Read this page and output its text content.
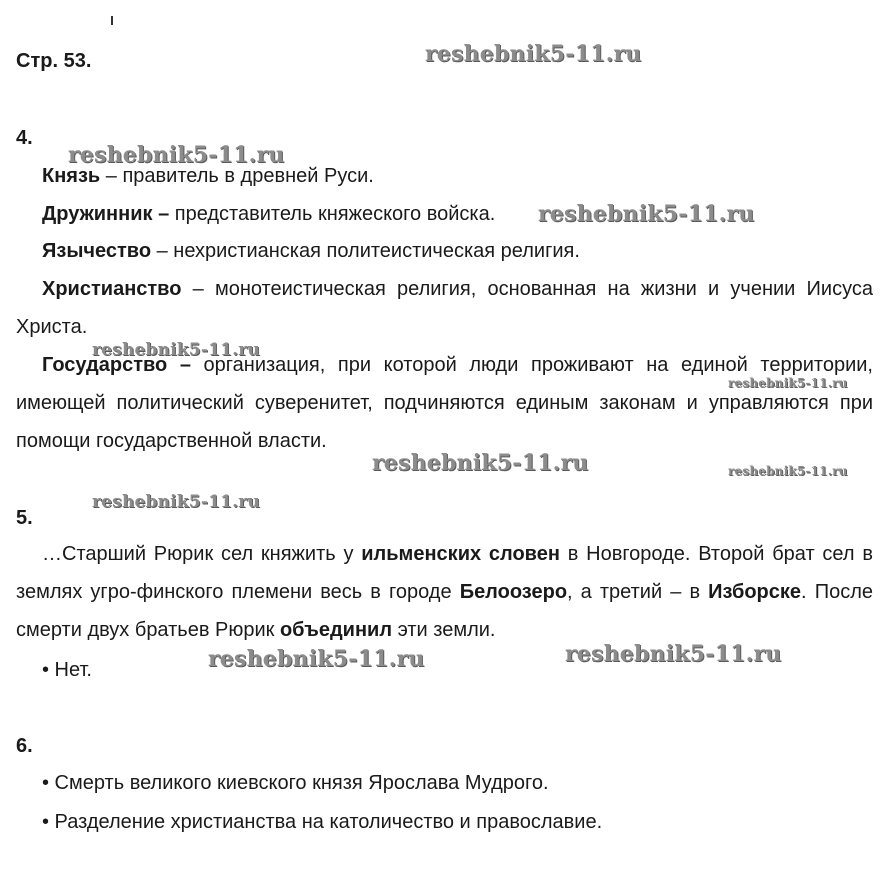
Стр. 53.	reshebnik5-11.ru
reshebnik5-11.ru
reshebnik5-11.ru
reshebnik5-11.ru
reshebnik5-11.ru
reshebnik5-11.ru	reshebnik5-11.ru
reshebnik5-11.ru
reshebnik5-11.ru	reshebnik5-11.ru
4.

Князь – правитель в древней Руси.

Дружинник – представитель княжеского войска.

Язычество – нехристианская политеистическая религия.

Христианство – монотеистическая религия, основанная на жизни и учении Иисуса Христа.

Государство – организация, при которой люди проживают на единой территории, имеющей политический суверенитет, подчиняются единым законам и управляются при помощи государственной власти.

5.

…Старший Рюрик сел княжить у ильменских словен в Новгороде. Второй брат сел в землях угро-финского племени весь в городе Белоозеро, а третий – в Изборске. После смерти двух братьев Рюрик объединил эти земли.

• Нет.
6.
• Смерть великого киевского князя Ярослава Мудрого.
• Разделение христианства на католичество и православие.
